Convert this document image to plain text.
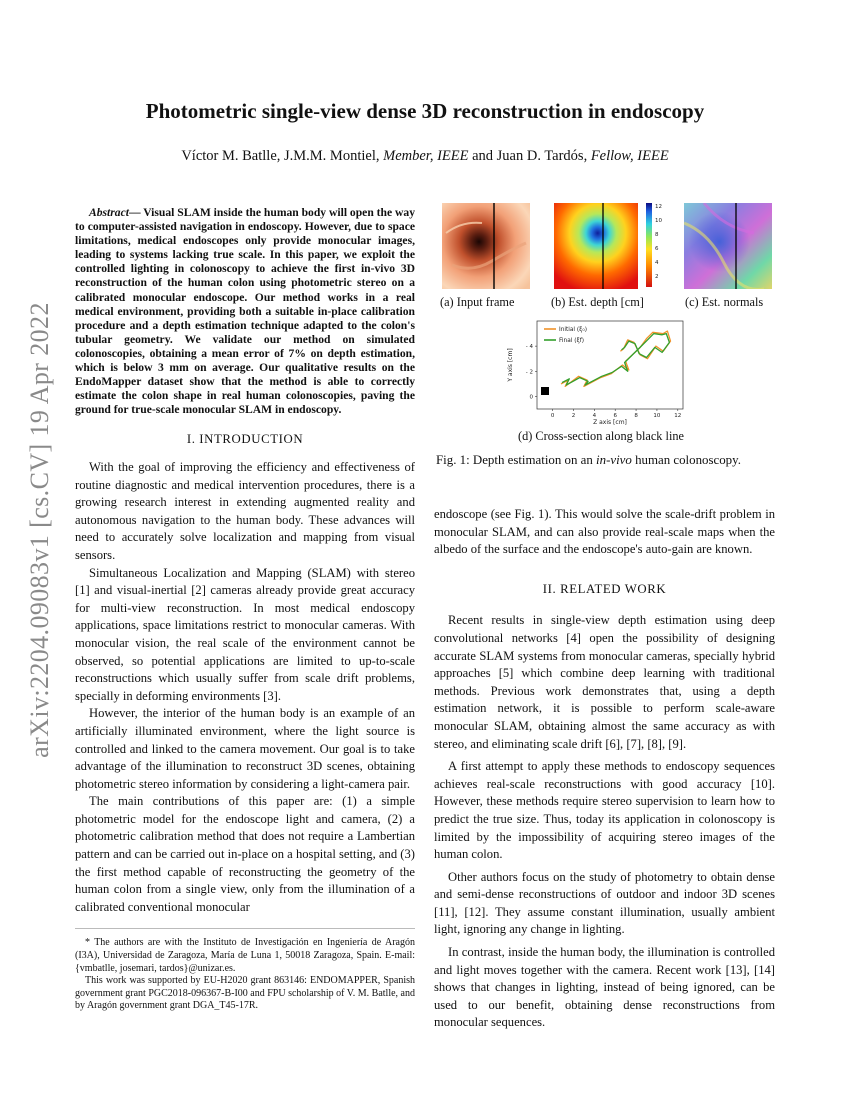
Photometric single-view dense 3D reconstruction in endoscopy
Víctor M. Batlle, J.M.M. Montiel, Member, IEEE and Juan D. Tardós, Fellow, IEEE
arXiv:2204.09083v1 [cs.CV] 19 Apr 2022

Abstract— Visual SLAM inside the human body will open the way to computer-assisted navigation in endoscopy. However, due to space limitations, medical endoscopes only provide monocular images, leading to systems lacking true scale. In this paper, we exploit the controlled lighting in colonoscopy to achieve the first in-vivo 3D reconstruction of the human colon using photometric stereo on a calibrated monocular endoscope. Our method works in a real medical environment, providing both a suitable in-place calibration procedure and a depth estimation technique adapted to the colon's tubular geometry. We validate our method on simulated colonoscopies, obtaining a mean error of 7% on depth estimation, which is below 3 mm on average. Our qualitative results on the EndoMapper dataset show that the method is able to correctly estimate the colon shape in real human colonoscopies, paving the ground for true-scale monocular SLAM in endoscopy.

I. INTRODUCTION

With the goal of improving the efficiency and effectiveness of routine diagnostic and medical intervention procedures, there is a growing research interest in extending augmented reality and autonomous navigation to the human body. These advances will need to accurately solve localization and mapping from visual sensors.

Simultaneous Localization and Mapping (SLAM) with stereo [1] and visual-inertial [2] cameras already provide great accuracy for multi-view reconstruction. In most medical endoscopy applications, space limitations restrict to monocular cameras. With monocular vision, the real scale of the environment cannot be observed, so potential applications are limited to up-to-scale reconstructions which usually suffer from scale drift problems, specially in deforming environments [3].

However, the interior of the human body is an example of an artificially illuminated environment, where the light source is controlled and linked to the camera movement. Our goal is to take advantage of the illumination to reconstruct 3D scenes, obtaining photometric stereo information by considering a light-camera pair.

The main contributions of this paper are: (1) a simple photometric model for the endoscope light and camera, (2) a photometric calibration method that does not require a Lambertian pattern and can be carried out in-place on a hospital setting, and (3) the first method capable of reconstructing the geometry of the human colon from a single view, only from the illumination of a calibrated conventional monocular

* The authors are with the Instituto de Investigación en Ingeniería de Aragón (I3A), Universidad de Zaragoza, María de Luna 1, 50018 Zaragoza, Spain. E-mail: {vmbatlle, josemari, tardos}@unizar.es.

This work was supported by EU-H2020 grant 863146: ENDOMAPPER, Spanish government grant PGC2018-096367-B-I00 and FPU scholarship of V. M. Batlle, and by Aragón government grant DGA_T45-17R.

(a) Input frame
12
10
8
6
4
2
(b) Est. depth [cm]	(c) Est. normals
0	2	4	6	8	10	12
0
- 2
- 4
Z axis [cm]
Y axis [cm]
Initial (ξ₀)
Final (ξf)
(d) Cross-section along black line
Fig. 1: Depth estimation on an in-vivo human colonoscopy.

endoscope (see Fig. 1). This would solve the scale-drift problem in monocular SLAM, and can also provide real-scale maps when the albedo of the surface and the endoscope's auto-gain are known.

II. RELATED WORK

Recent results in single-view depth estimation using deep convolutional networks [4] open the possibility of designing accurate SLAM systems from monocular cameras, specially hybrid approaches [5] which combine deep learning with traditional methods. Previous work demonstrates that, using a depth estimation network, it is possible to perform scale-aware monocular SLAM, obtaining almost the same accuracy as with stereo, and eliminating scale drift [6], [7], [8], [9].

A first attempt to apply these methods to endoscopy sequences achieves real-scale reconstructions with good accuracy [10]. However, these methods require stereo supervision to learn how to predict the true size. Thus, today its application in colonoscopy is limited by the impossibility of acquiring stereo images of the human colon.

Other authors focus on the study of photometry to obtain dense and semi-dense reconstructions of outdoor and indoor 3D scenes [11], [12]. They assume constant illumination, usually ambient light, ignoring any change in lighting.

In contrast, inside the human body, the illumination is controlled and light moves together with the camera. Recent work [13], [14] shows that changes in lighting, instead of being ignored, can be used to our benefit, obtaining dense reconstructions from monocular sequences.
